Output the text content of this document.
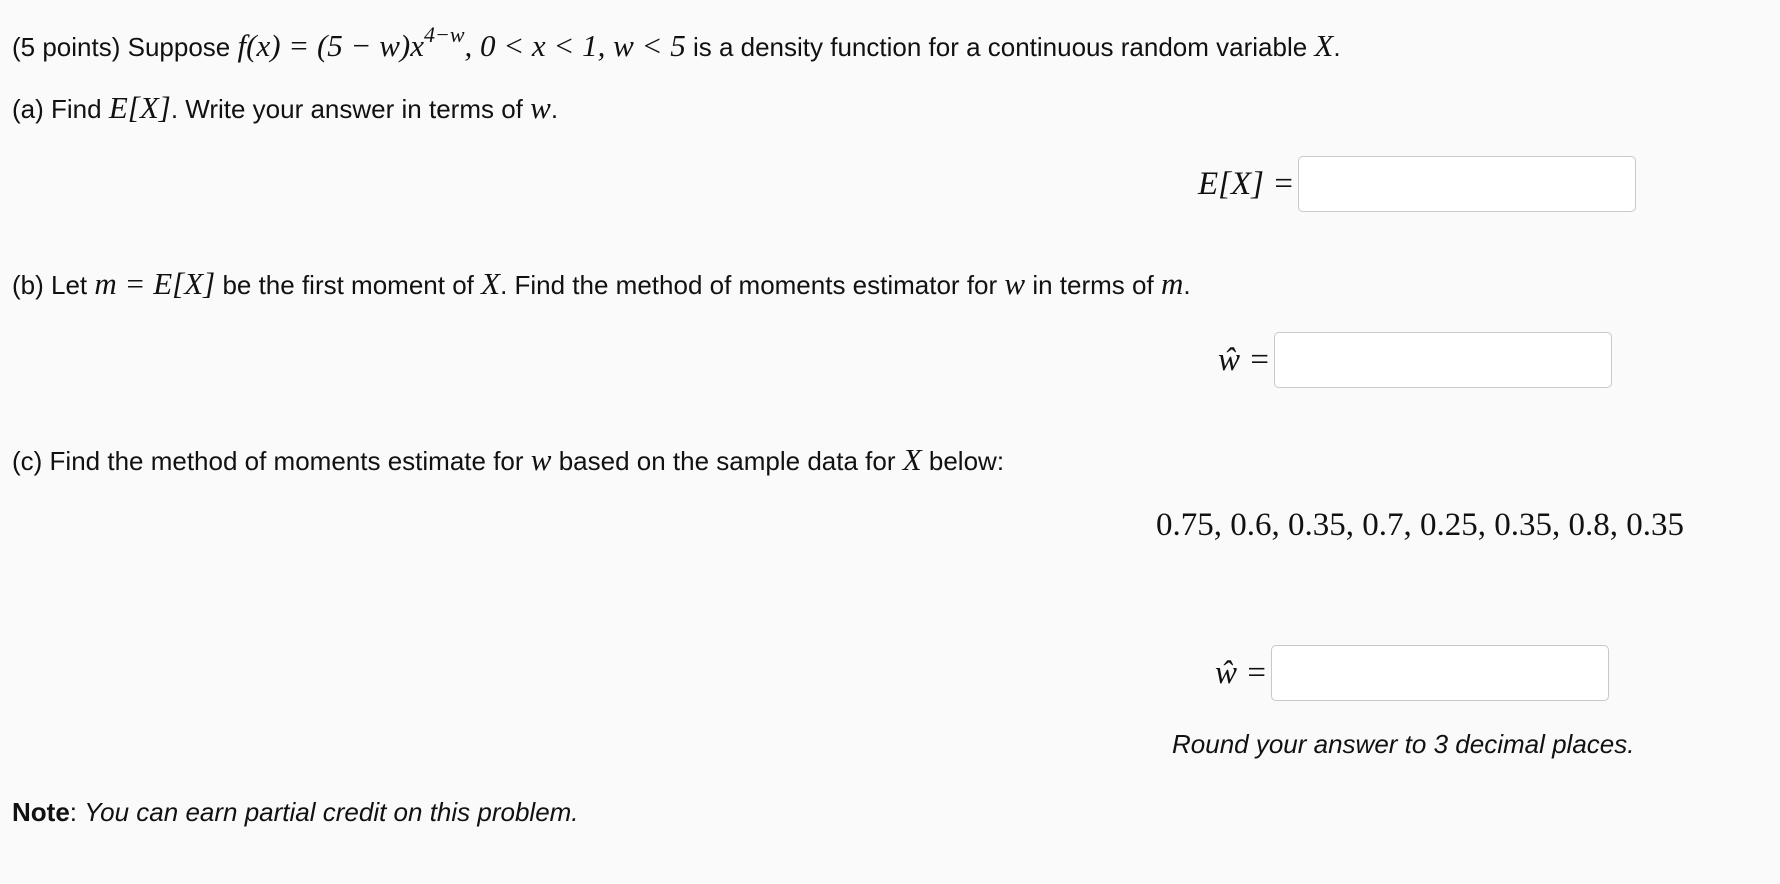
(5 points) Suppose $f(x) = (5 - w)x^{4-w}$, 0 < x < 1, w < 5 is a density function for a continuous random variable X.
(a) Find E[X]. Write your answer in terms of w.
E[X] =
(b) Let m = E[X] be the first moment of X. Find the method of moments estimator for w in terms of m.
ŵ =
(c) Find the method of moments estimate for w based on the sample data for X below:
0.75, 0.6, 0.35, 0.7, 0.25, 0.35, 0.8, 0.35
ŵ =
Round your answer to 3 decimal places.
Note: You can earn partial credit on this problem.
